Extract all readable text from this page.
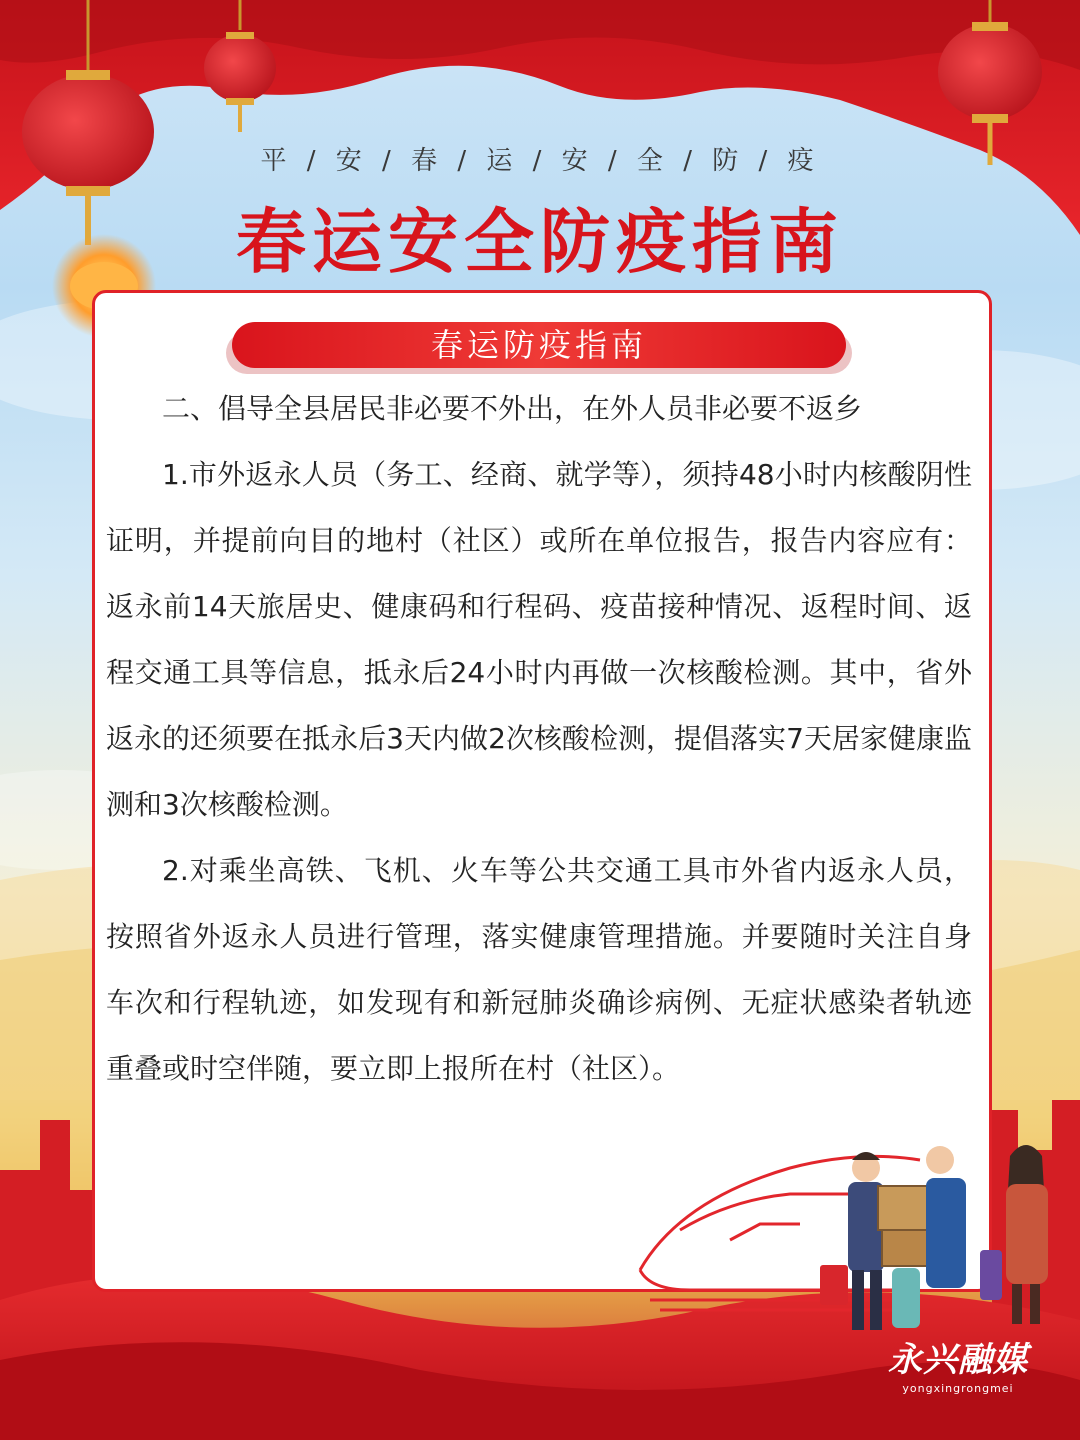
平 / 安 / 春 / 运 / 安 / 全 / 防 / 疫
春运安全防疫指南
春运防疫指南

二、倡导全县居民非必要不外出，在外人员非必要不返乡

1.市外返永人员（务工、经商、就学等），须持48小时内核酸阴性证明，并提前向目的地村（社区）或所在单位报告，报告内容应有：返永前14天旅居史、健康码和行程码、疫苗接种情况、返程时间、返程交通工具等信息，抵永后24小时内再做一次核酸检测。其中，省外返永的还须要在抵永后3天内做2次核酸检测，提倡落实7天居家健康监测和3次核酸检测。

2.对乘坐高铁、飞机、火车等公共交通工具市外省内返永人员，按照省外返永人员进行管理，落实健康管理措施。并要随时关注自身车次和行程轨迹，如发现有和新冠肺炎确诊病例、无症状感染者轨迹重叠或时空伴随，要立即上报所在村（社区）。

永兴融媒
yongxingrongmei
